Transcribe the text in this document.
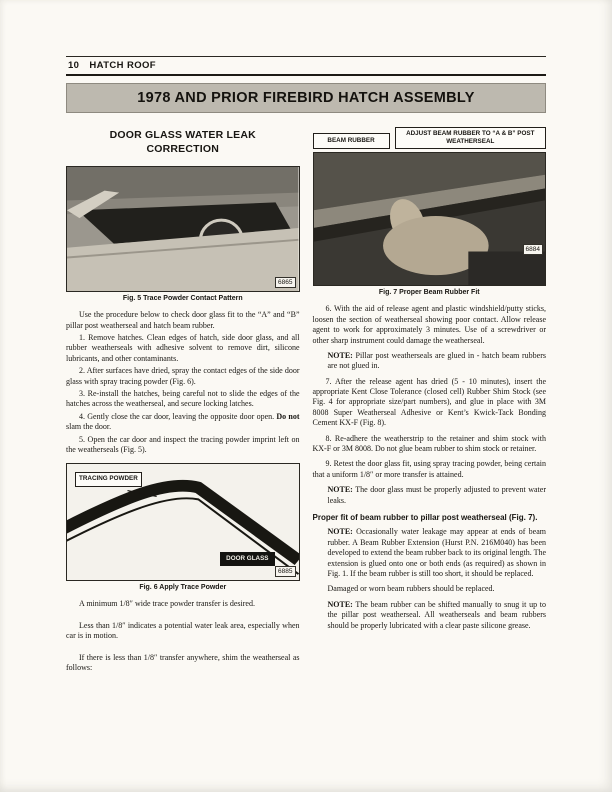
10 HATCH ROOF
1978 AND PRIOR FIREBIRD HATCH ASSEMBLY
DOOR GLASS WATER LEAK
CORRECTION
6865
Fig. 5 Trace Powder Contact Pattern

Use the procedure below to check door glass fit to the “A” and “B” pillar post weatherseal and hatch beam rubber.

1. Remove hatches. Clean edges of hatch, side door glass, and all rubber weatherseals with adhesive solvent to remove dirt, silicone lubricants, and other contaminants.

2. After surfaces have dried, spray the contact edges of the side door glass with spray tracing powder (Fig. 6).

3. Re-install the hatches, being careful not to slide the edges of the hatches across the weatherseal, and secure locking latches.

4. Gently close the car door, leaving the opposite door open. Do not slam the door.

5. Open the car door and inspect the tracing powder imprint left on the weatherseals (Fig. 5).

TRACING POWDER
DOOR GLASS
6885
Fig. 6 Apply Trace Powder

A minimum 1/8″ wide trace powder transfer is desired.

Less than 1/8″ indicates a potential water leak area, especially when car is in motion.

If there is less than 1/8″ transfer anywhere, shim the weatherseal as follows:

BEAM RUBBER
ADJUST BEAM RUBBER TO “A & B” POST WEATHERSEAL
6884
Fig. 7 Proper Beam Rubber Fit

6. With the aid of release agent and plastic windshield/putty sticks, loosen the section of weatherseal showing poor contact. Allow release agent to work for approximately 3 minutes. Use of a screwdriver or other sharp instrument could damage the weatherseal.

NOTE: Pillar post weatherseals are glued in - hatch beam rubbers are not glued in.

7. After the release agent has dried (5 - 10 minutes), insert the appropriate Kent Close Tolerance (closed cell) Rubber Shim Stock (see Fig. 4 for appropriate size/part numbers), and glue in place with 3M 8008 Super Weatherseal Adhesive or Kent’s Kwick-Tack Bonding Cement KX-F (Fig. 8).

8. Re-adhere the weatherstrip to the retainer and shim stock with KX-F or 3M 8008. Do not glue beam rubber to shim stock or retainer.

9. Retest the door glass fit, using spray tracing powder, being certain that a uniform 1/8″ or more transfer is attained.

NOTE: The door glass must be properly adjusted to prevent water leaks.

Proper fit of beam rubber to pillar post weatherseal (Fig. 7).

NOTE: Occasionally water leakage may appear at ends of beam rubber. A Beam Rubber Extension (Hurst P.N. 216M040) has been developed to extend the beam rubber back to its original length. The extension is glued onto one or both ends (as required) as shown in Fig. 1. If the beam rubber is still too short, it should be replaced.

Damaged or worn beam rubbers should be replaced.

NOTE: The beam rubber can be shifted manually to snug it up to the pillar post weatherseal. All weatherseals and beam rubbers should be properly lubricated with a clear paste silicone grease.
